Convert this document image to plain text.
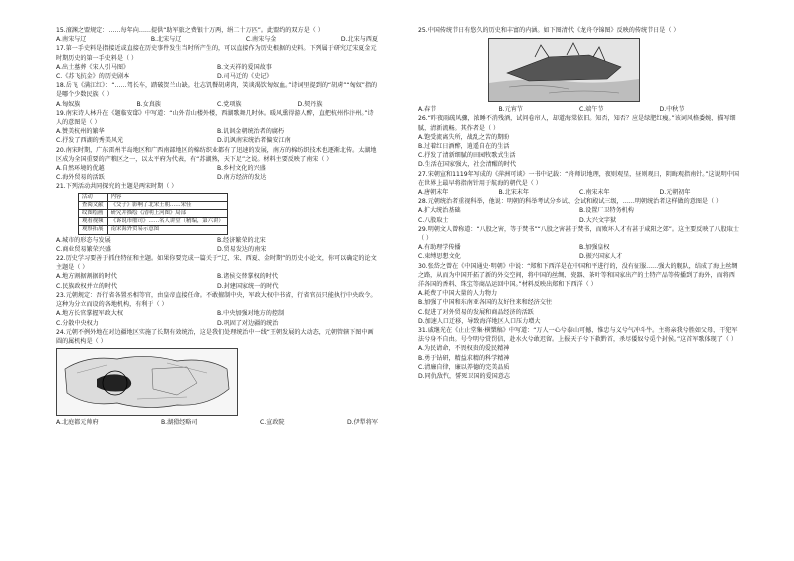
15.澶渊之盟规定：……每年向……提供“助军旅之费银十万两，绢二十万匹”。此盟约的双方是（ ）
A.南宋与辽	B.北宋与辽	C.南宋与金	D.北宋与西夏
17.第一手史料是指接近或直接在历史事件发生当时所产生的，可以直接作为历史根据的史料。下列属于研究辽宋夏金元时期历史的第一手史料是（ ）
A.出土墓葬《宋人引马图》	B.文天祥的爱国故事
C.《苏飞抗金》的历史剧本	D.司马迁的《史记》
18.岳飞《满江红》：“……驾长车，踏破贺兰山缺。壮志饥餐胡虏肉，笑谈渴饮匈奴血。”诗词里提到的“胡虏”“匈奴”指的是哪个少数民族（ ）
A.匈奴族	B.女真族	C.党项族	D.契丹族
19.南宋诗人林升在《题临安邸》中写道：“山外青山楼外楼，西湖歌舞几时休。暖风熏得游人醉，直把杭州作汴州。”诗人的意图是（ ）
A.赞美杭州的繁华	B.讥讽金朝统治者的腐朽
C.抒发了西湖的秀美风光	D.讥讽南宋统治者偏安江南
20.南宋时期，广东雷州半岛地区和广西南部地区的棉纺织业都有了迅速的发展，南方的棉纺织技术也逐渐北传。太湖地区成为全国重要的产粮区之一，以太平府为代表，有“苏湖熟，天下足”之说。材料主要反映了南宋（ ）
A.自然环境的优越	B.乡村文化的兴盛
C.海外贸易的活跃	D.南方经济的发达
21.下列活动共同探究的主题是两宋时期（ ）
活动	内容
查阅文献	《交子》影响了北宋王朝……宋佳
纹图绘画	研究并描绘《清明上河图》局部
观看视频	《诉说市舶司》……名人讲堂（精编，第六讲）
观察拓展	南宋海外贸易示意图
A.城市的形态与发展	B.经济繁荣的北宋
C.商业贸易繁荣兴盛	D.贸易发达的南宋
22.历史学习要善于抓住特征和主题。如果你要完成一篇关于“辽、宋、西夏、金时期”的历史小论文，你可以确定的论文主题是（ ）
A.地方割据割据的时代	B.诸侯交替掌权的时代
C.民族政权并立的时代	D.封建国家统一的时代
23.元朝规定：吾行省各置丞相等官，由皇帝直接任命。不敢擅制中央，军政大权中书省，行省官员只能执行中央政令。这种为分立而设的各地机构，有利于（ ）
A.地方长官掌握军政大权	B.中央加强对地方的控制
C.分散中央权力	D.巩固了对边疆的统治
24.元朝不例外地在对边疆地区实施了长期有效统治，这是我们处理统治中一线“王朝发展的大动态，元朝管辖下图中画圆的属机构是（ ）
A.北庭都元帅府	B.湖猾经略司	C.宣政院	D.伊犁将军
25.中国传统节日有悠久的历史和丰富的内涵。如下图清代《龙舟夺锦图》反映的传统节日是（ ）
A.春节	B.元宵节	C.端午节	D.中秋节
26.“昨夜雨疏风骤，浓睡不消残酒，试问卷帘人，却道海棠依旧。知否，知否？应是绿肥红瘦。”该词风格委婉、描写细腻，清新流畅。其作者是（ ）
A.饱受流离失所，战乱之苦的期盼
B.过着红日酒醉，逍遥自在的生活
C.抒发了清新细腻的田园牧歌式生活
D.生活在国家强大，社会清醒的时代
27.宋朝宣和1119年写成的《萍洲可谈》一书中记载：“舟师识地理，夜则观星，昼则观日，阴晦观指南针。”这说明中国在世界上最早将指南针用于航海的朝代是（ ）
A.唐朝末年	B.北宋末年	C.南宋末年	D.元朝初年
28.元朝统治者重视科举，他说：明朝的科举考试分乡试、会试和殿试三级，……明朝统治者这样做的意图是（ ）
A.扩大统治基础	B.设置厂卫特务机构
C.八股取士	D.大兴文字狱
29.明朝文人曾称道：“八股之害，等于焚书”“八股之害甚于焚书，而败坏人才有甚于咸阳之郊”。这主要反映了八股取士（ ）
A.有助理学传播	B.加强皇权
C.束缚思想文化	D.振兴国家人才
30.张岱之曾在《中国通史·明朝》中说：“郑和下西洋是在中国和平进行的，没有征服……强大的舰队，结成了海上丝绸之路，从而为中国开拓了新的外交空间，将中国的丝绸、瓷器、茶叶等和国家出产的土特产品等传播到了海外，而将西洋各国的香料、珠宝等商品运回中国。”材料反映出郑和下西洋（ ）
A.耗费了中国大量的人力物力
B.加强了中国和东南亚各国的友好往来和经济交往
C.促进了对外贸易的发展和商品经济的活跃
D.加速人口迁移，导致海洋地区人口压力增大
31.戚继光在《止止堂集·横槊稿》中写道：“万人一心兮泰山可撼，惟忠与义兮气冲斗牛。主将亲我兮胜如父母，干犯军法兮身不自由。号令明兮赏罚信，赴水火兮敢迟留。上报天子兮下救黔首，杀尽倭奴兮觅个封侯。”这首军歌体现了（ ）
A.为民请命，不畏权贵的爱民精神
B.勇于钻研，精益求精的科学精神
C.清廉自律，廉以养德的完美品质
D.同仇敌忾，誓死卫国的爱国意志
